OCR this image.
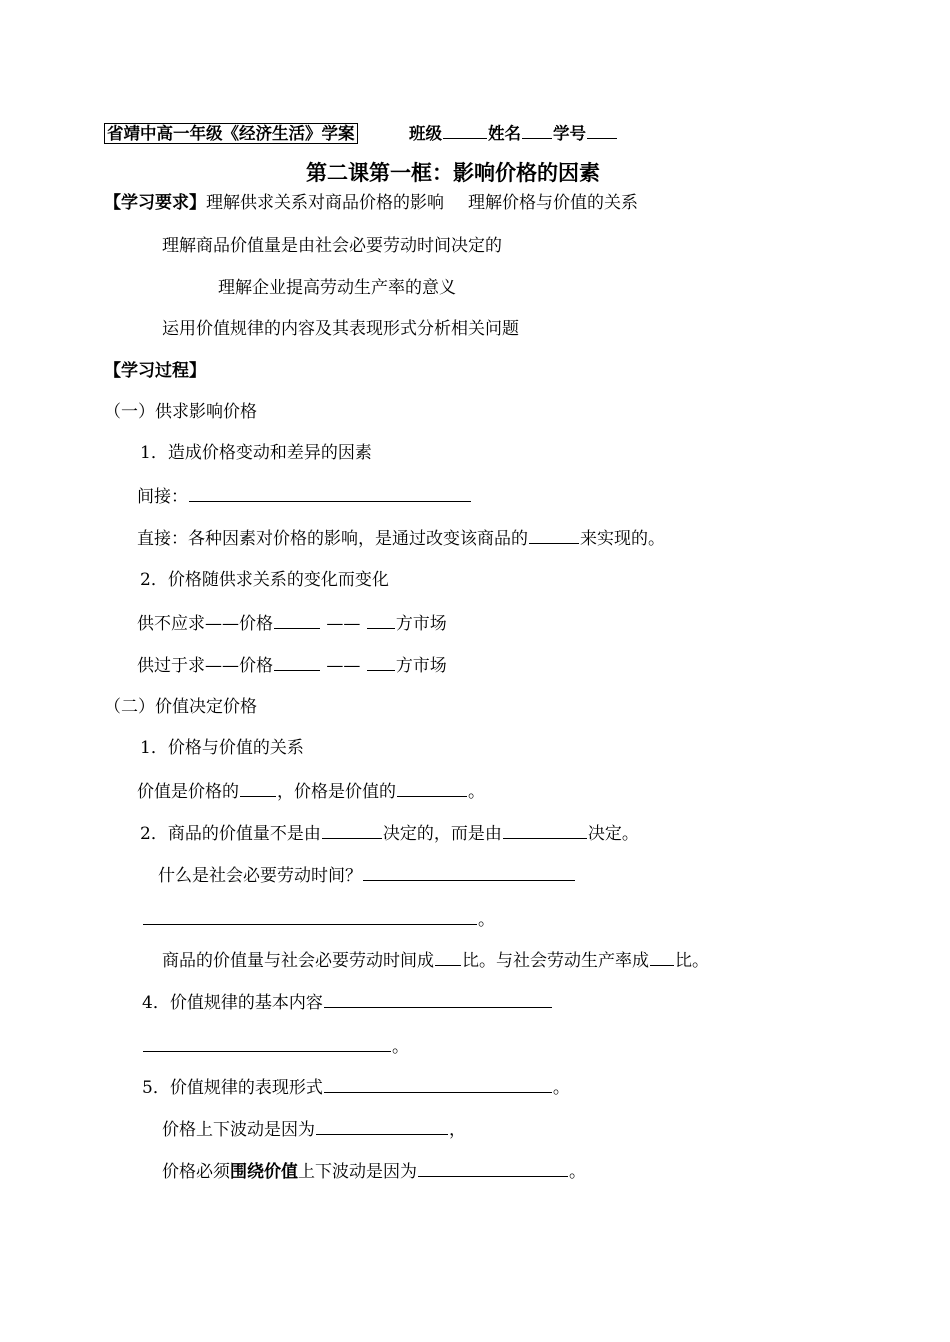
省靖中高一年级《经济生活》学案	班级	姓名 学号
第二课第一框：影响价格的因素
【学习要求】理解供求关系对商品价格的影响 理解价格与价值的关系
理解商品价值量是由社会必要劳动时间决定的
理解企业提高劳动生产率的意义
运用价值规律的内容及其表现形式分析相关问题
【学习过程】
（一）供求影响价格
1．造成价格变动和差异的因素
间接：
直接：各种因素对价格的影响，是通过改变该商品的	来实现的。
2．价格随供求关系的变化而变化
供不应求——价格	—— 方市场
供过于求——价格	—— 方市场
（二）价值决定价格
1．价格与价值的关系
价值是价格的 ，价格是价值的	。
2．商品的价值量不是由	决定的，而是由	决定。
什么是社会必要劳动时间？
。
商品的价值量与社会必要劳动时间成 比。与社会劳动生产率成 比。
4．价值规律的基本内容
。
5．价值规律的表现形式	。
价格上下波动是因为	，
价格必须围绕价值上下波动是因为	。
